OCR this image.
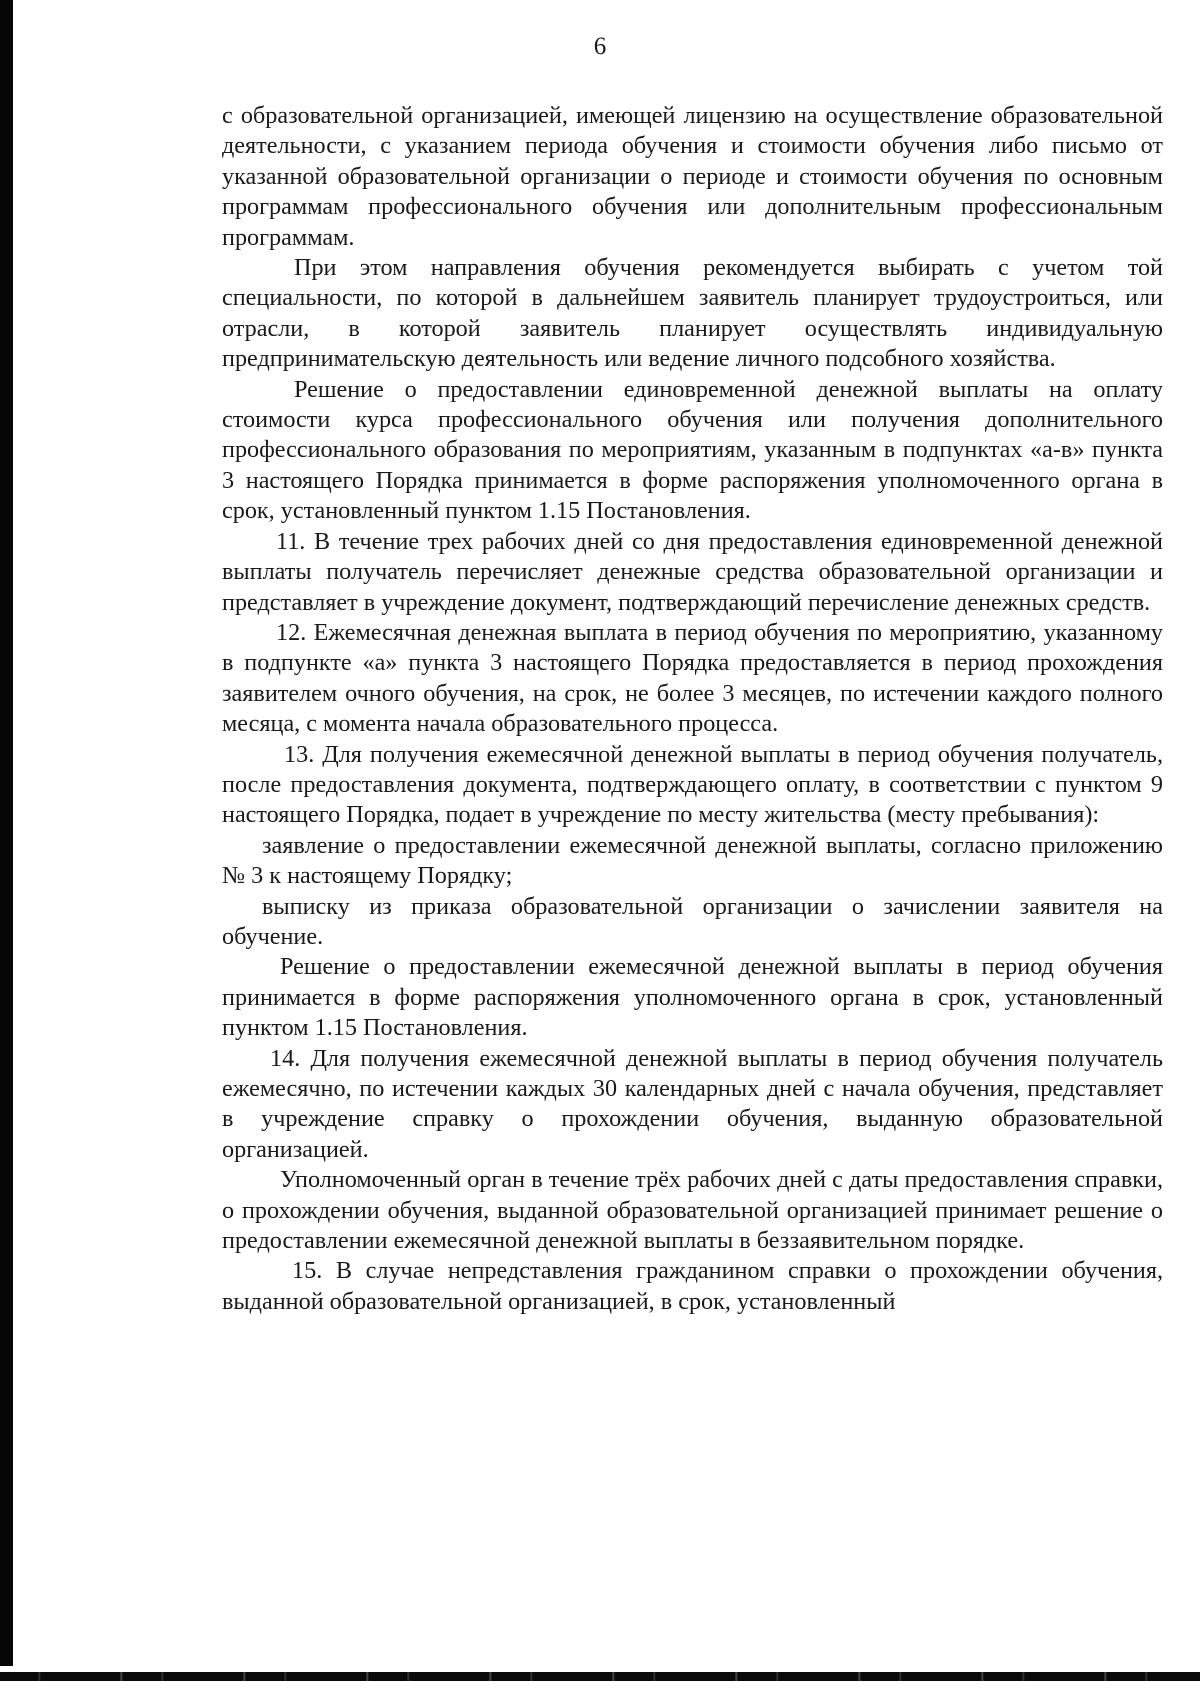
6

с образовательной организацией, имеющей лицензию на осуществление образовательной деятельности, с указанием периода обучения и стоимости обучения либо письмо от указанной образовательной организации о периоде и стоимости обучения по основным программам профессионального обучения или дополнительным профессиональным программам.

При этом направления обучения рекомендуется выбирать с учетом той специальности, по которой в дальнейшем заявитель планирует трудоустроиться, или отрасли, в которой заявитель планирует осуществлять индивидуальную предпринимательскую деятельность или ведение личного подсобного хозяйства.

Решение о предоставлении единовременной денежной выплаты на оплату стоимости курса профессионального обучения или получения дополнительного профессионального образования по мероприятиям, указанным в подпунктах «а-в» пункта 3 настоящего Порядка принимается в форме распоряжения уполномоченного органа в срок, установленный пунктом 1.15 Постановления.

11. В течение трех рабочих дней со дня предоставления единовременной денежной выплаты получатель перечисляет денежные средства образовательной организации и представляет в учреждение документ, подтверждающий перечисление денежных средств.

12. Ежемесячная денежная выплата в период обучения по мероприятию, указанному в подпункте «а» пункта 3 настоящего Порядка предоставляется в период прохождения заявителем очного обучения, на срок, не более 3 месяцев, по истечении каждого полного месяца, с момента начала образовательного процесса.

13. Для получения ежемесячной денежной выплаты в период обучения получатель, после предоставления документа, подтверждающего оплату, в соответствии с пунктом 9 настоящего Порядка, подает в учреждение по месту жительства (месту пребывания):

заявление о предоставлении ежемесячной денежной выплаты, согласно приложению № 3 к настоящему Порядку;

выписку из приказа образовательной организации о зачислении заявителя на обучение.

Решение о предоставлении ежемесячной денежной выплаты в период обучения принимается в форме распоряжения уполномоченного органа в срок, установленный пунктом 1.15 Постановления.

14. Для получения ежемесячной денежной выплаты в период обучения получатель ежемесячно, по истечении каждых 30 календарных дней с начала обучения, представляет в учреждение справку о прохождении обучения, выданную образовательной организацией.

Уполномоченный орган в течение трёх рабочих дней с даты предоставления справки, о прохождении обучения, выданной образовательной организацией принимает решение о предоставлении ежемесячной денежной выплаты в беззаявительном порядке.

15. В случае непредставления гражданином справки о прохождении обучения, выданной образовательной организацией, в срок, установленный
